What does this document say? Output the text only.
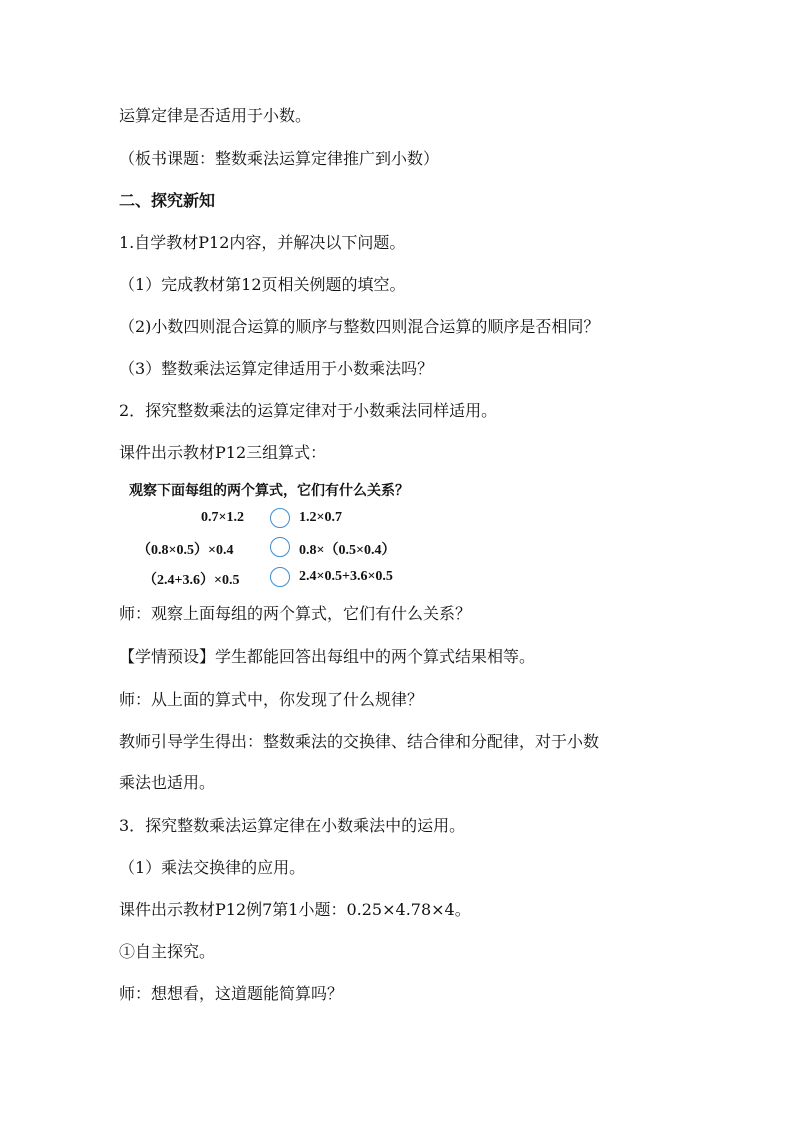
运算定律是否适用于小数。
（板书课题：整数乘法运算定律推广到小数）
二、探究新知
1.自学教材P12内容，并解决以下问题。
（1）完成教材第12页相关例题的填空。
（2)小数四则混合运算的顺序与整数四则混合运算的顺序是否相同？
（3）整数乘法运算定律适用于小数乘法吗？
2．探究整数乘法的运算定律对于小数乘法同样适用。
课件出示教材P12三组算式：
观察下面每组的两个算式，它们有什么关系？
0.7×1.2	1.2×0.7
（0.8×0.5）×0.4	0.8×（0.5×0.4）
（2.4+3.6）×0.5	2.4×0.5+3.6×0.5
师：观察上面每组的两个算式，它们有什么关系？
【学情预设】学生都能回答出每组中的两个算式结果相等。
师：从上面的算式中，你发现了什么规律？
教师引导学生得出：整数乘法的交换律、结合律和分配律，对于小数
乘法也适用。
3．探究整数乘法运算定律在小数乘法中的运用。
（1）乘法交换律的应用。
课件出示教材P12例7第1小题：0.25×4.78×4。
①自主探究。
师：想想看，这道题能简算吗？
